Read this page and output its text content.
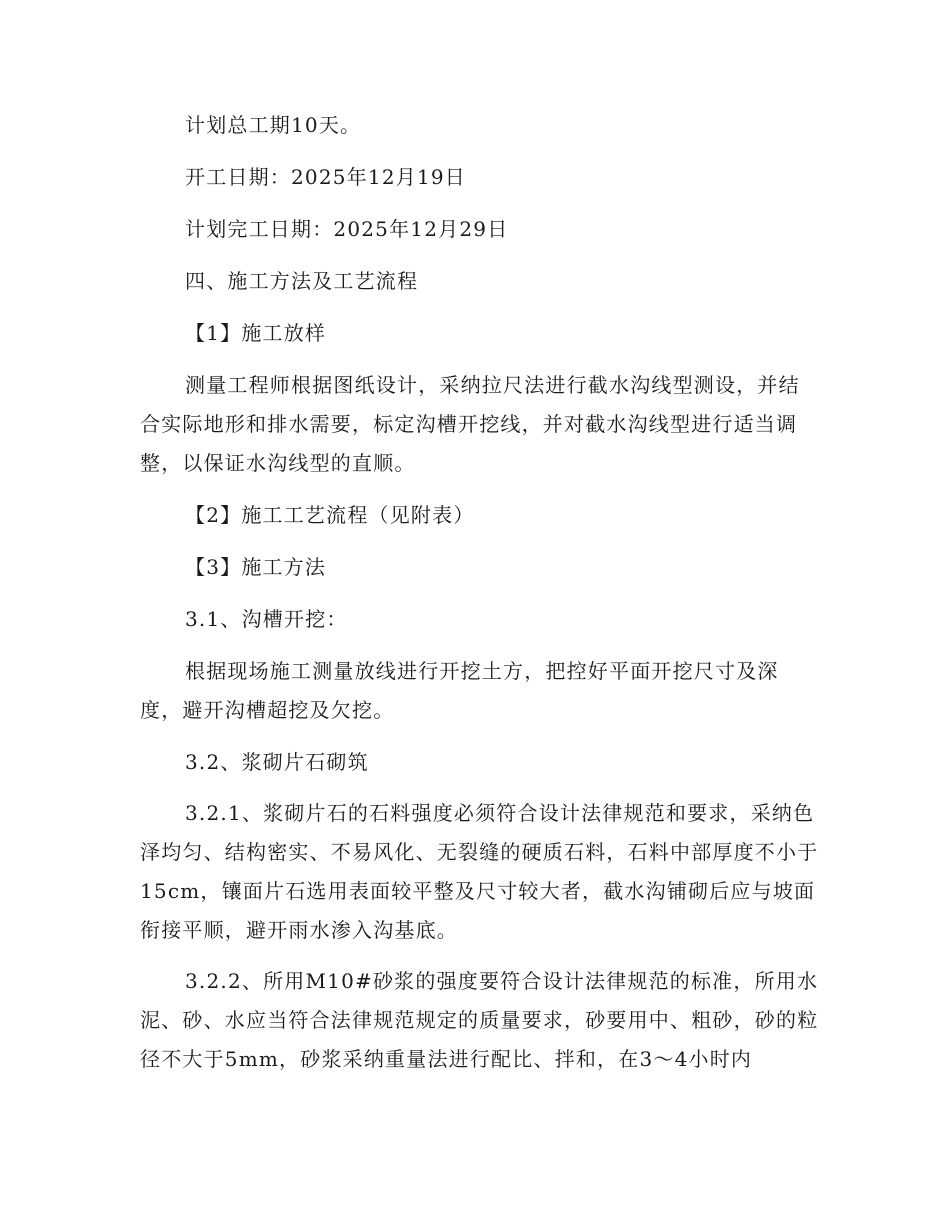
计划总工期10天。

开工日期：2025年12月19日

计划完工日期：2025年12月29日

四、施工方法及工艺流程

【1】施工放样

测量工程师根据图纸设计，采纳拉尺法进行截水沟线型测设，并结合实际地形和排水需要，标定沟槽开挖线，并对截水沟线型进行适当调整，以保证水沟线型的直顺。

【2】施工工艺流程（见附表）

【3】施工方法

3.1、沟槽开挖：

根据现场施工测量放线进行开挖土方，把控好平面开挖尺寸及深度，避开沟槽超挖及欠挖。

3.2、浆砌片石砌筑

3.2.1、浆砌片石的石料强度必须符合设计法律规范和要求，采纳色泽均匀、结构密实、不易风化、无裂缝的硬质石料，石料中部厚度不小于15cm，镶面片石选用表面较平整及尺寸较大者，截水沟铺砌后应与坡面衔接平顺，避开雨水渗入沟基底。

3.2.2、所用M10#砂浆的强度要符合设计法律规范的标准，所用水泥、砂、水应当符合法律规范规定的质量要求，砂要用中、粗砂，砂的粒径不大于5mm，砂浆采纳重量法进行配比、拌和，在3～4小时内
